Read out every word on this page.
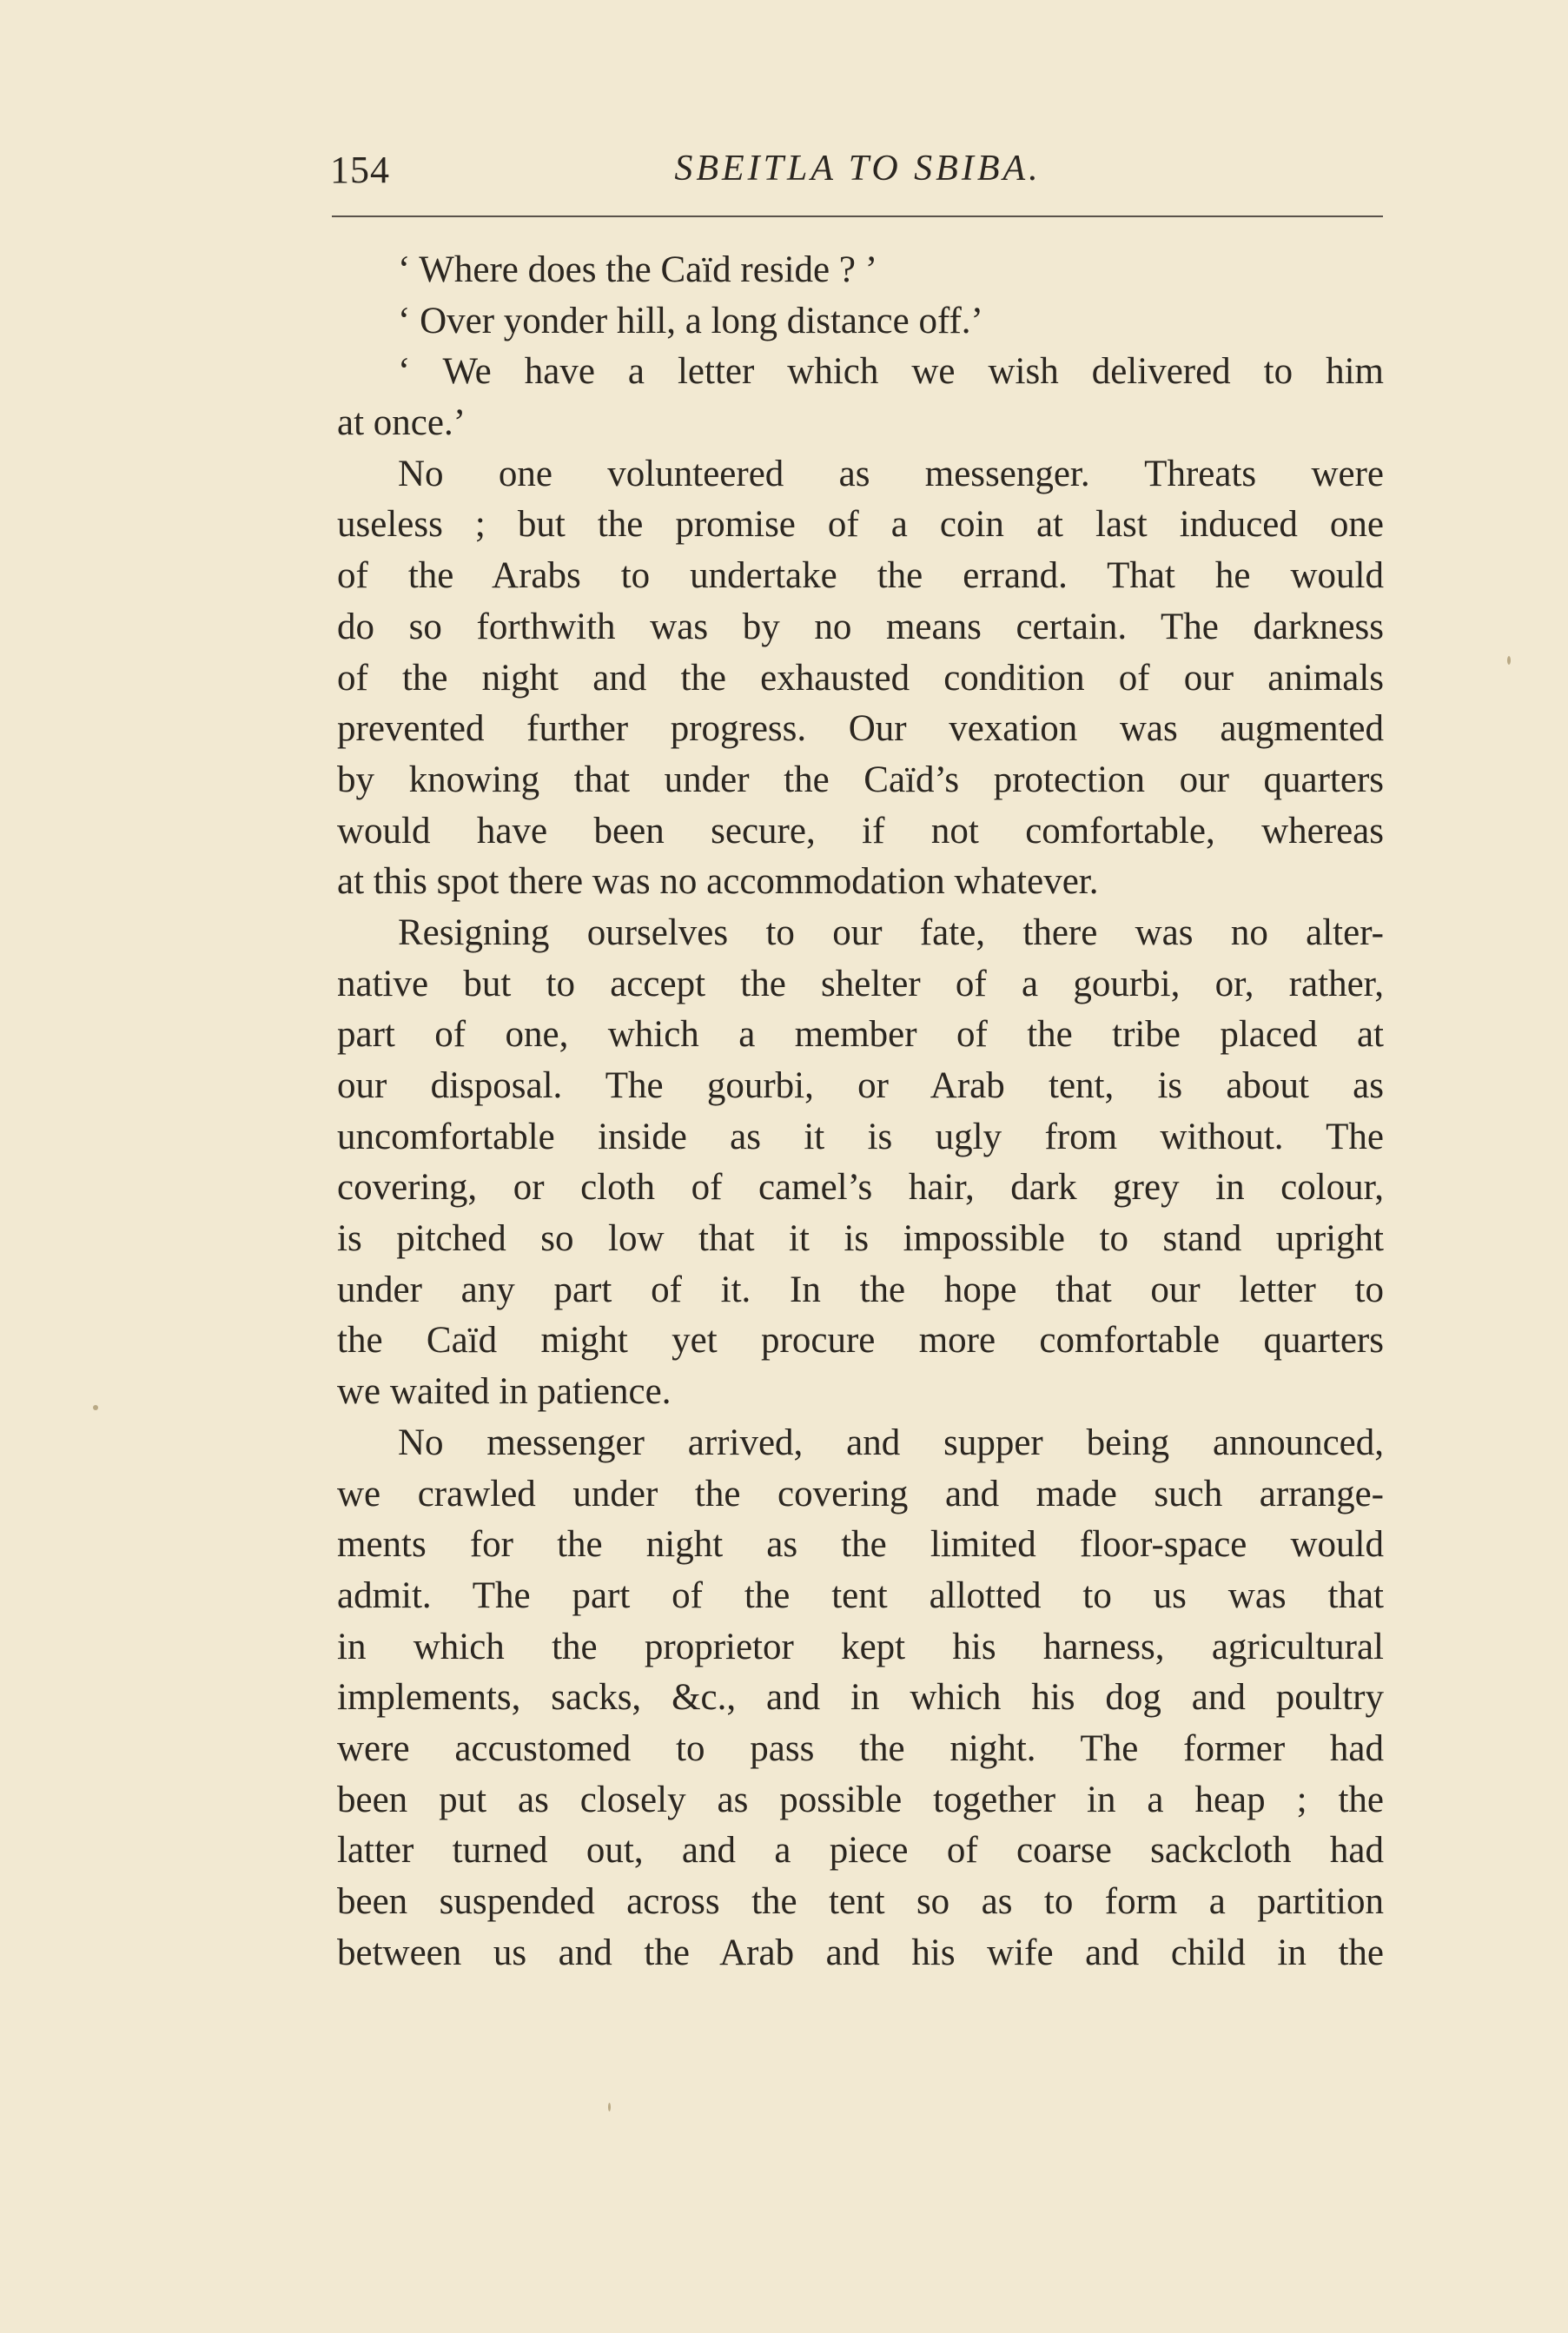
154	SBEITLA TO SBIBA.
‘ Where does the Caïd reside ? ’
‘ Over yonder hill, a long distance off.’
‘ We have a letter which we wish delivered to him
at once.’
No one volunteered as messenger. Threats were
useless ; but the promise of a coin at last induced one
of the Arabs to undertake the errand. That he would
do so forthwith was by no means certain. The darkness
of the night and the exhausted condition of our animals
prevented further progress. Our vexation was augmented
by knowing that under the Caïd’s protection our quarters
would have been secure, if not comfortable, whereas
at this spot there was no accommodation whatever.
Resigning ourselves to our fate, there was no alter-
native but to accept the shelter of a gourbi, or, rather,
part of one, which a member of the tribe placed at
our disposal. The gourbi, or Arab tent, is about as
uncomfortable inside as it is ugly from without. The
covering, or cloth of camel’s hair, dark grey in colour,
is pitched so low that it is impossible to stand upright
under any part of it. In the hope that our letter to
the Caïd might yet procure more comfortable quarters
we waited in patience.
No messenger arrived, and supper being announced,
we crawled under the covering and made such arrange-
ments for the night as the limited floor-space would
admit. The part of the tent allotted to us was that
in which the proprietor kept his harness, agricultural
implements, sacks, &c., and in which his dog and poultry
were accustomed to pass the night. The former had
been put as closely as possible together in a heap ; the
latter turned out, and a piece of coarse sackcloth had
been suspended across the tent so as to form a partition
between us and the Arab and his wife and child in the
